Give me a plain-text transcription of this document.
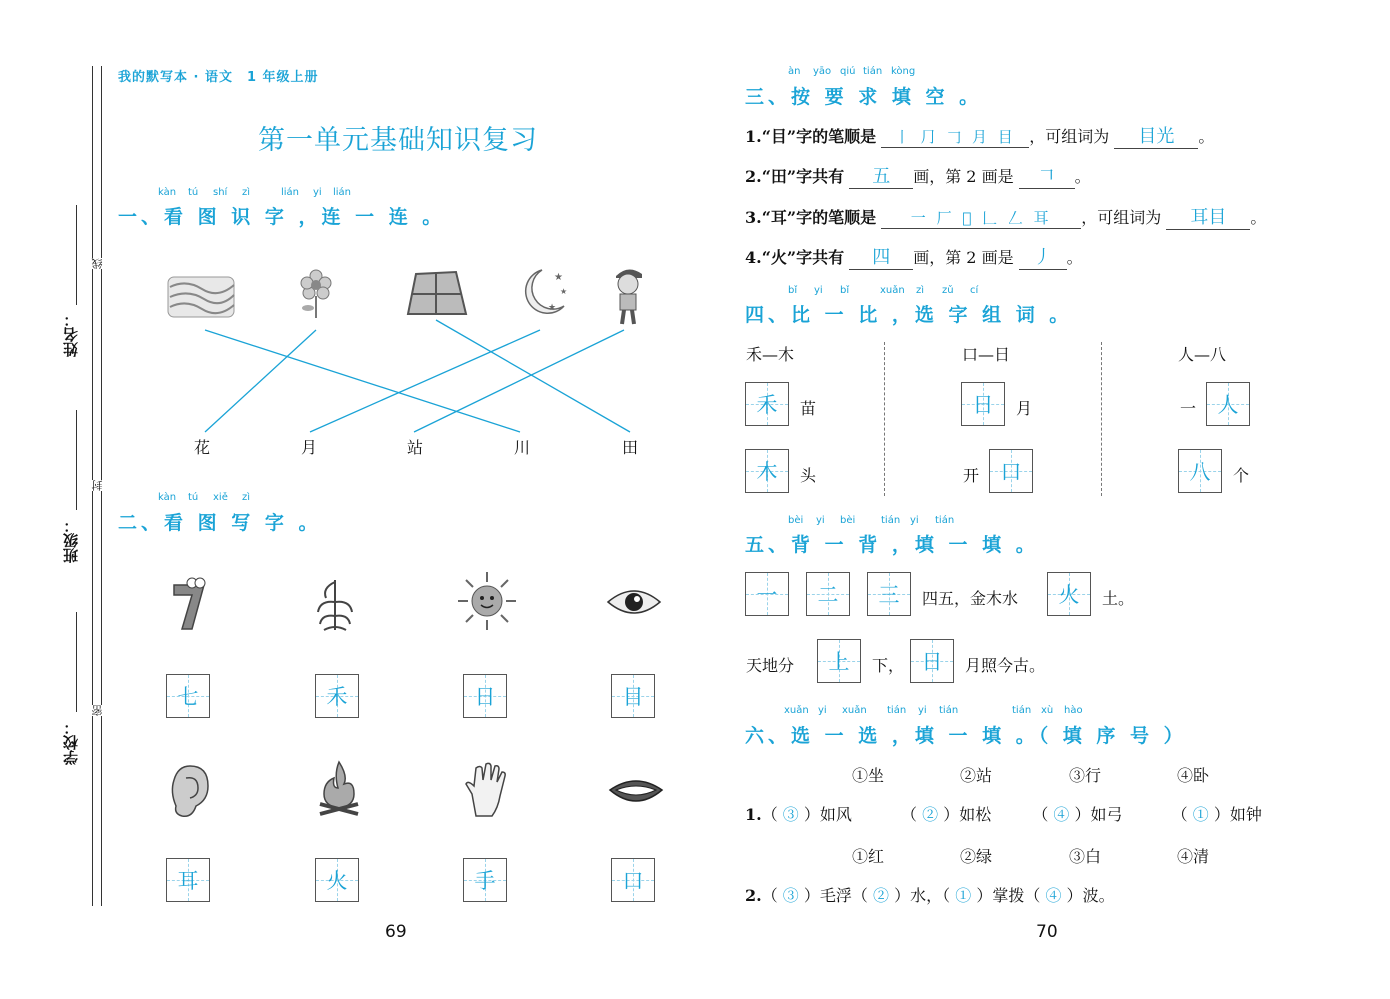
姓名：
班级：
学校：
线
封
密
我的默写本 · 语文　1 年级上册
第一单元基础知识复习
kàn tú shí zì	lián yi lián
一、看 图 识 字 ，连 一 连 。
★
★
★
花	月	站	川	田
kàn tú xiě zì
二、看 图 写 字 。
七	禾	日	目
耳	火	手	口
69
àn yāo qiú tián kòng
三、按 要 求 填 空 。
1.“目”字的笔顺是 丨 ⺆ 𠃌 月 目 ，可组词为 目光 。
2.“田”字共有 五 画，第 2 画是 𠃍 。
3.“耳”字的笔顺是 一 厂 𠂋 𠃊 𠃋 耳 ，可组词为 耳目 。
4.“火”字共有 四 画，第 2 画是 丿 。
bǐ yi bǐ	xuǎn zì zǔ cí
四、比 一 比 ，选 字 组 词 。
禾—木
禾	苗
木	头
口—日
日	月
开	口
人—八
一	人
八	个
bèi yi bèi	tián yi tián
五、背 一 背 ，填 一 填 。
一	二	三	四五，金木水	火	土。
天地分	上	下， 日	月照今古。
xuǎn yi xuǎn tián yi tián	tián xù hào
六、选 一 选 ，填 一 填 。（ 填 序 号 ）
①坐	②站	③行	④卧
1.（ ③ ）如风	（ ② ）如松	（ ④ ）如弓	（ ① ）如钟
①红	②绿	③白	④清
2.（ ③ ）毛浮（ ② ）水，（ ① ）掌拨（ ④ ）波。
70
